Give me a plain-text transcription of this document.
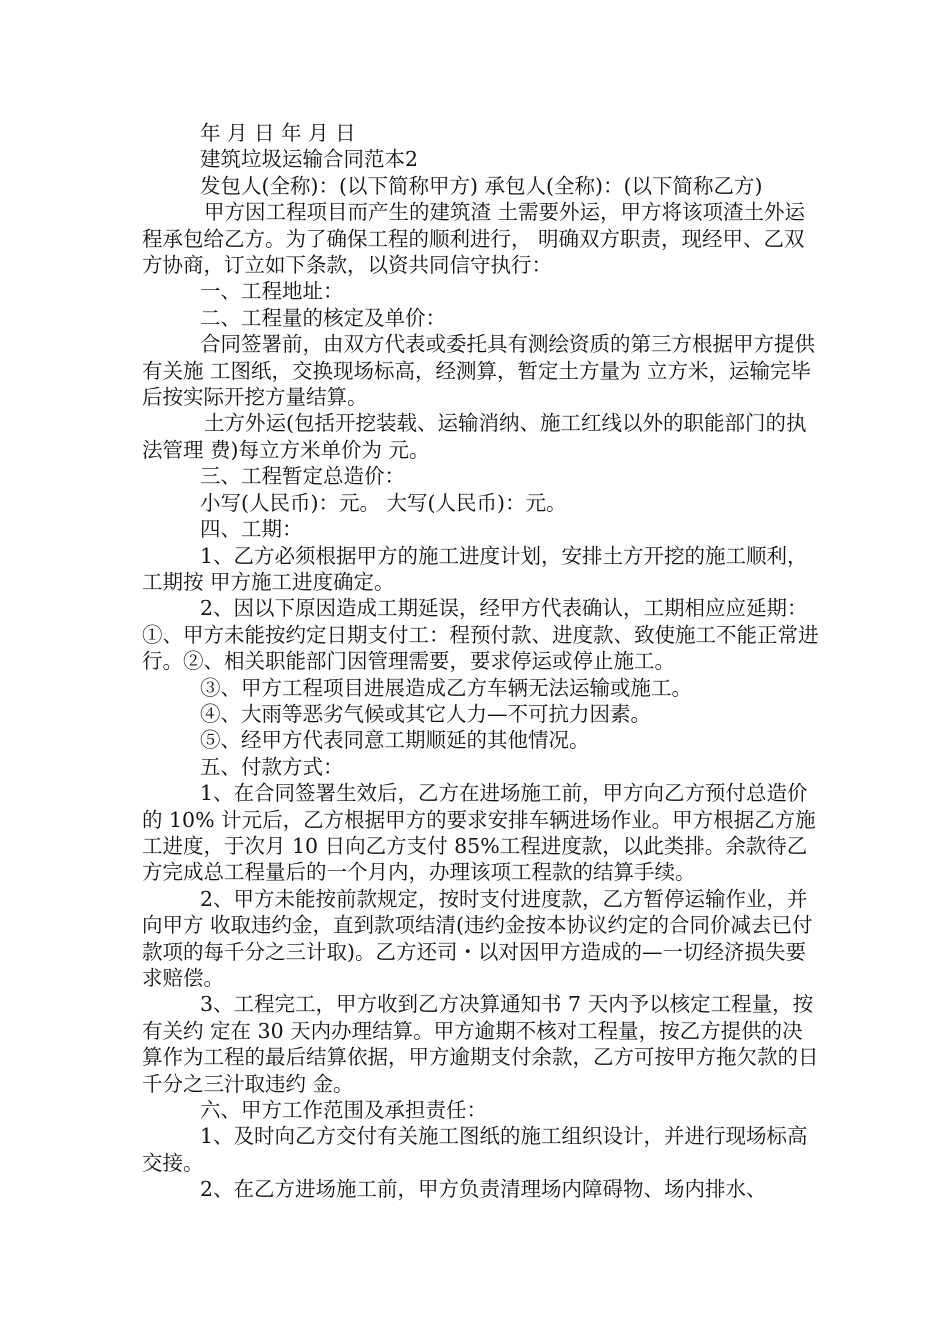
年 月 日 年 月 日
建筑垃圾运输合同范本2
发包人(全称)：(以下简称甲方) 承包人(全称)：(以下简称乙方)
甲方因工程项目而产生的建筑渣 土需要外运，甲方将该项渣土外运程承包给乙方。为了确保工程的顺利进行， 明确双方职责，现经甲、乙双方协商，订立如下条款，以资共同信守执行：
一、工程地址：
二、工程量的核定及单价：
合同签署前，由双方代表或委托具有测绘资质的第三方根据甲方提供有关施 工图纸，交换现场标高，经测算，暂定土方量为 立方米，运输完毕后按实际开挖方量结算。
土方外运(包括开挖装载、运输消纳、施工红线以外的职能部门的执法管理 费)每立方米单价为 元。
三、工程暂定总造价：
小写(人民币)：元。 大写(人民币)：元。
四、工期：
1、乙方必须根据甲方的施工进度计划，安排土方开挖的施工顺利，工期按 甲方施工进度确定。
2、因以下原因造成工期延误，经甲方代表确认，工期相应应延期： ①、甲方未能按约定日期支付工：程预付款、进度款、致使施工不能正常进行。②、相关职能部门因管理需要，要求停运或停止施工。
③、甲方工程项目进展造成乙方车辆无法运输或施工。
④、大雨等恶劣气候或其它人力—不可抗力因素。
⑤、经甲方代表同意工期顺延的其他情况。
五、付款方式：
1、在合同签署生效后，乙方在进场施工前，甲方向乙方预付总造价的 10% 计元后，乙方根据甲方的要求安排车辆进场作业。甲方根据乙方施工进度，于次月 10 日向乙方支付 85%工程进度款，以此类排。余款待乙方完成总工程量后的一个月内，办理该项工程款的结算手续。
2、甲方未能按前款规定，按时支付进度款，乙方暂停运输作业，并向甲方 收取违约金，直到款项结清(违约金按本协议约定的合同价减去已付款项的每千分之三计取)。乙方还司・以对因甲方造成的—一切经济损失要求赔偿。
3、工程完工，甲方收到乙方决算通知书 7 天内予以核定工程量，按有关约 定在 30 天内办理结算。甲方逾期不核对工程量，按乙方提供的决算作为工程的最后结算依据，甲方逾期支付余款，乙方可按甲方拖欠款的日千分之三汁取违约 金。
六、甲方工作范围及承担责任：
1、及时向乙方交付有关施工图纸的施工组织设计，并进行现场标高交接。
2、在乙方进场施工前，甲方负责清理场内障碍物、场内排水、
